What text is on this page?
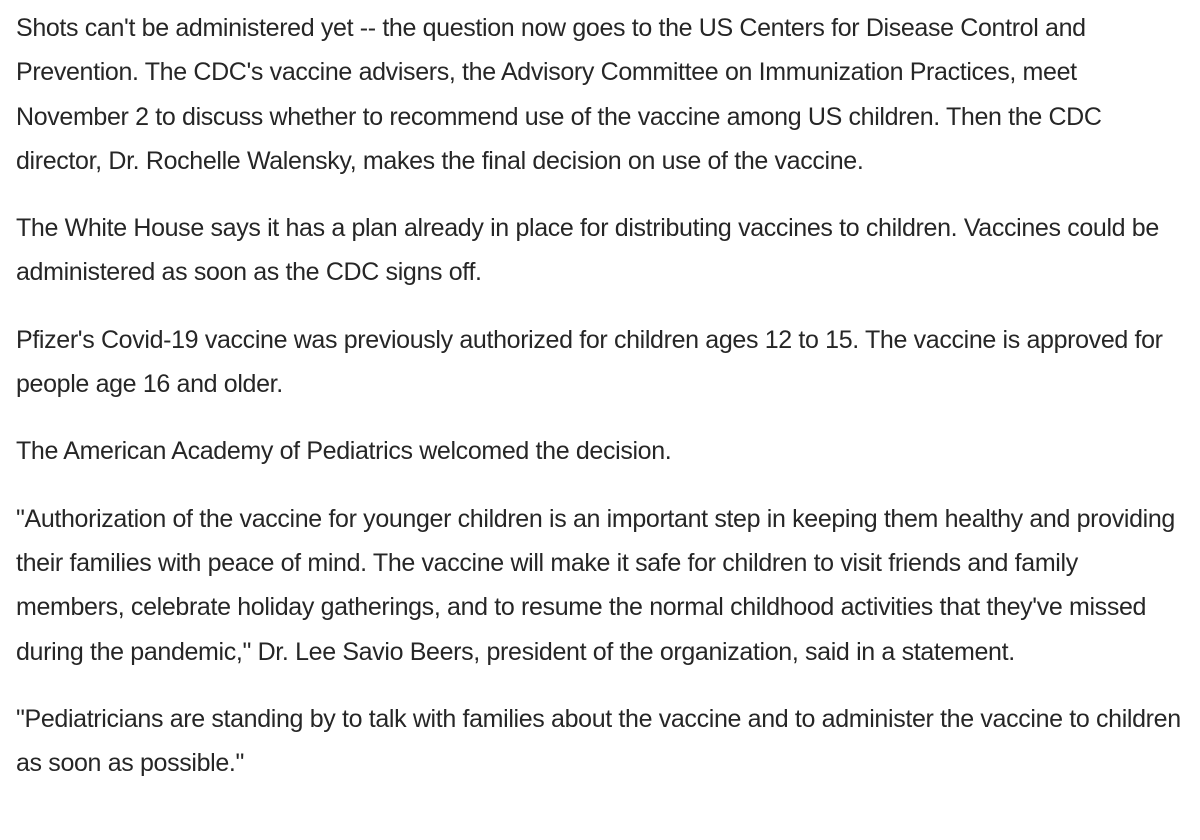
Shots can't be administered yet -- the question now goes to the US Centers for Disease Control and Prevention. The CDC's vaccine advisers, the Advisory Committee on Immunization Practices, meet November 2 to discuss whether to recommend use of the vaccine among US children. Then the CDC director, Dr. Rochelle Walensky, makes the final decision on use of the vaccine.

The White House says it has a plan already in place for distributing vaccines to children. Vaccines could be administered as soon as the CDC signs off.

Pfizer's Covid-19 vaccine was previously authorized for children ages 12 to 15. The vaccine is approved for people age 16 and older.

The American Academy of Pediatrics welcomed the decision.

"Authorization of the vaccine for younger children is an important step in keeping them healthy and providing their families with peace of mind. The vaccine will make it safe for children to visit friends and family members, celebrate holiday gatherings, and to resume the normal childhood activities that they've missed during the pandemic," Dr. Lee Savio Beers, president of the organization, said in a statement.

"Pediatricians are standing by to talk with families about the vaccine and to administer the vaccine to children as soon as possible."
